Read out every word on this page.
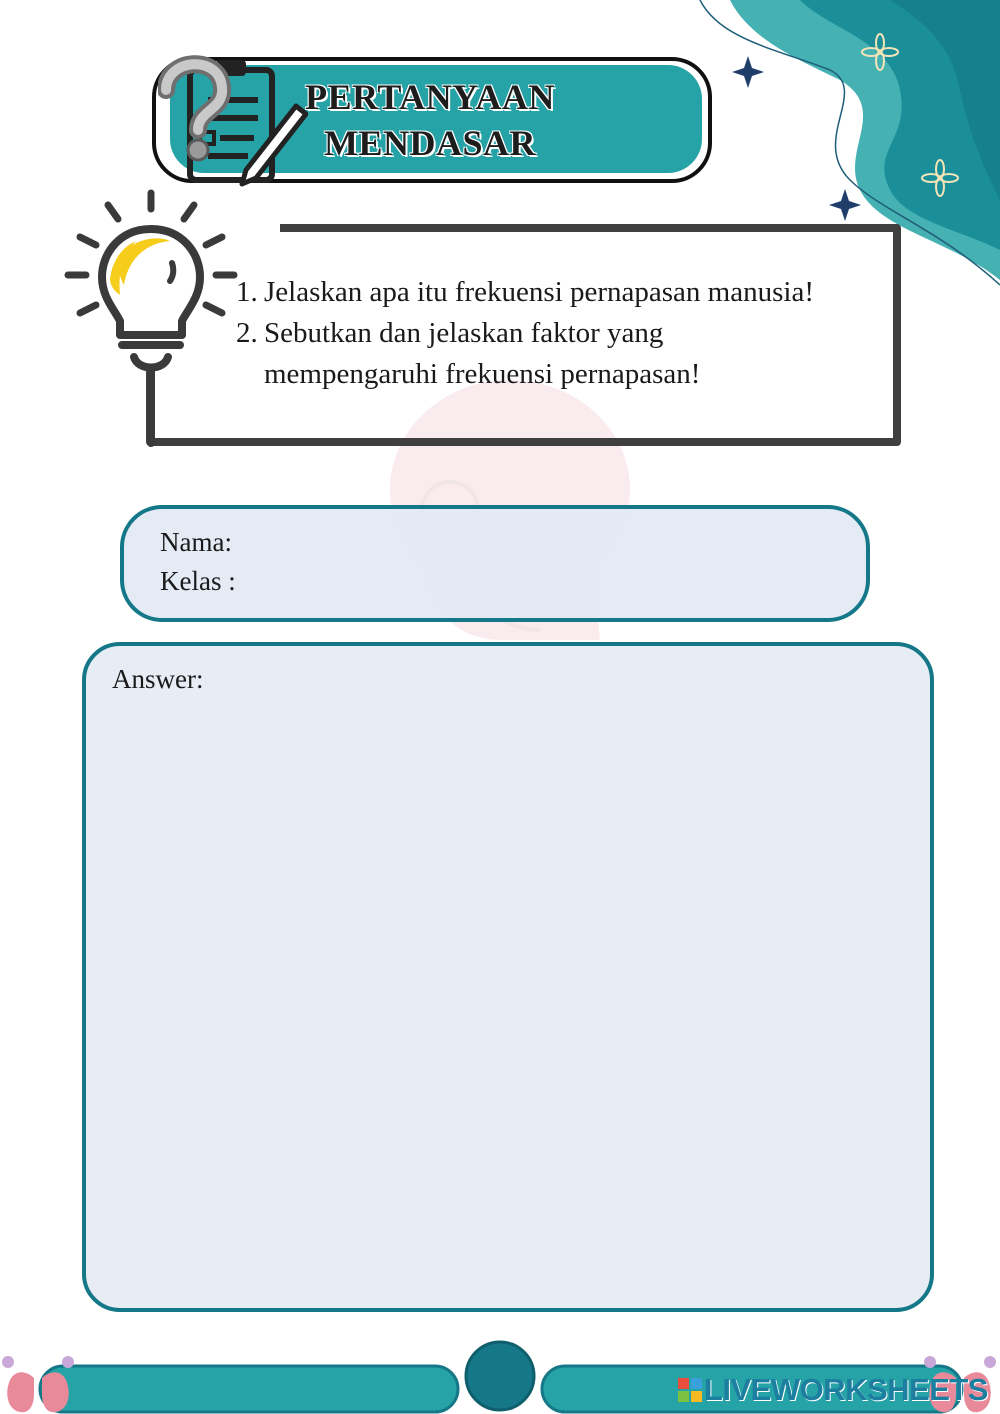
PERTANYAAN
MENDASAR
1. Jelaskan apa itu frekuensi pernapasan manusia!
2. Sebutkan dan jelaskan faktor yang mempengaruhi frekuensi pernapasan!
Nama:
Kelas :
Answer:
LIVEWORKSHEETS
